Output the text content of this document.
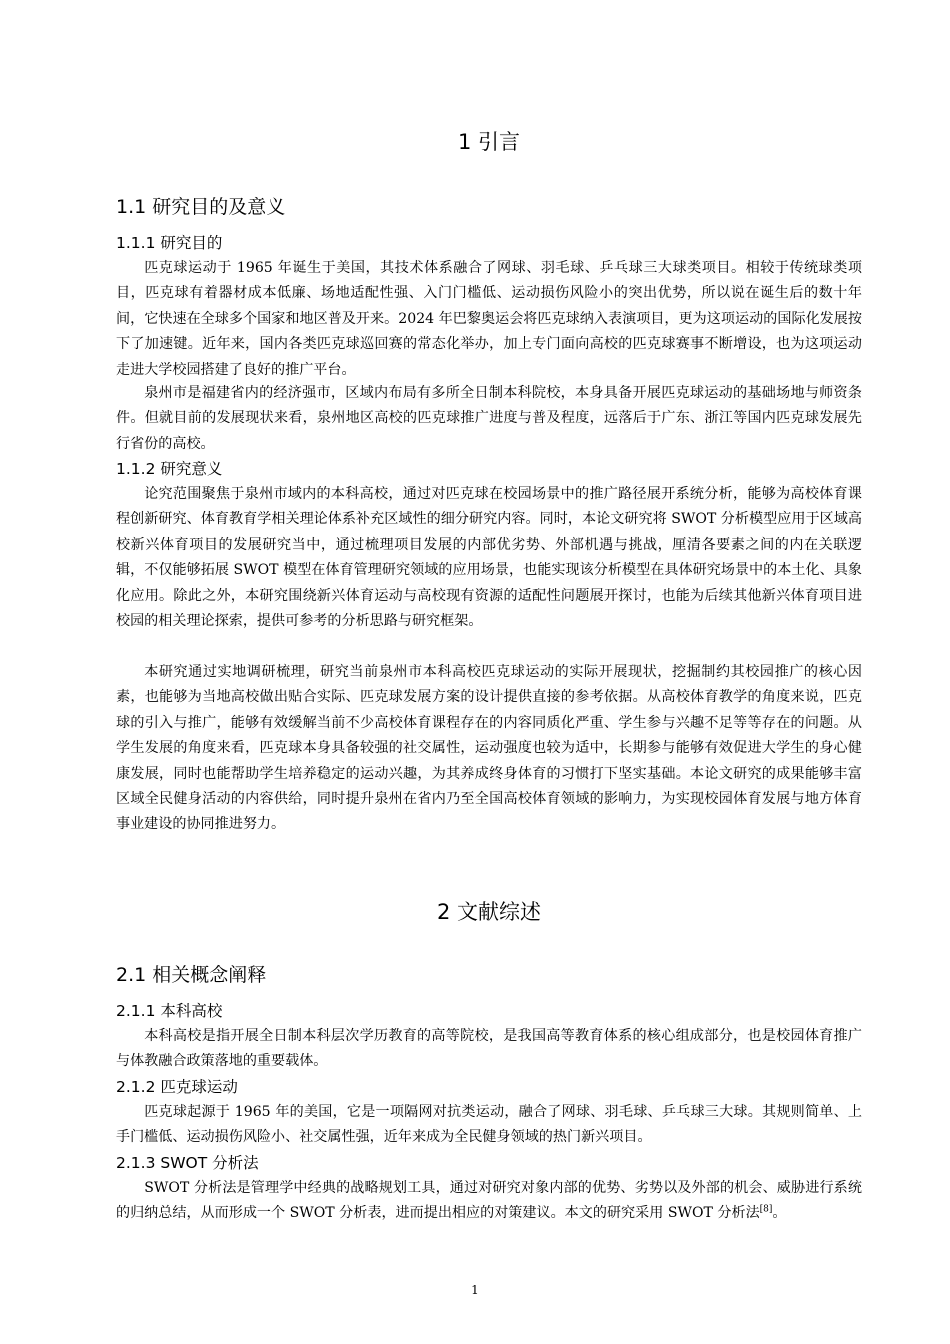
1 引言
1.1 研究目的及意义
1.1.1 研究目的

匹克球运动于 1965 年诞生于美国，其技术体系融合了网球、羽毛球、乒乓球三大球类项目。相较于传统球类项目，匹克球有着器材成本低廉、场地适配性强、入门门槛低、运动损伤风险小的突出优势，所以说在诞生后的数十年间，它快速在全球多个国家和地区普及开来。2024 年巴黎奥运会将匹克球纳入表演项目，更为这项运动的国际化发展按下了加速键。近年来，国内各类匹克球巡回赛的常态化举办，加上专门面向高校的匹克球赛事不断增设，也为这项运动走进大学校园搭建了良好的推广平台。

泉州市是福建省内的经济强市，区域内布局有多所全日制本科院校，本身具备开展匹克球运动的基础场地与师资条件。但就目前的发展现状来看，泉州地区高校的匹克球推广进度与普及程度，远落后于广东、浙江等国内匹克球发展先行省份的高校。

1.1.2 研究意义

论究范围聚焦于泉州市域内的本科高校，通过对匹克球在校园场景中的推广路径展开系统分析，能够为高校体育课程创新研究、体育教育学相关理论体系补充区域性的细分研究内容。同时，本论文研究将 SWOT 分析模型应用于区域高校新兴体育项目的发展研究当中，通过梳理项目发展的内部优劣势、外部机遇与挑战，厘清各要素之间的内在关联逻辑，不仅能够拓展 SWOT 模型在体育管理研究领域的应用场景，也能实现该分析模型在具体研究场景中的本土化、具象化应用。除此之外，本研究围绕新兴体育运动与高校现有资源的适配性问题展开探讨，也能为后续其他新兴体育项目进校园的相关理论探索，提供可参考的分析思路与研究框架。

本研究通过实地调研梳理，研究当前泉州市本科高校匹克球运动的实际开展现状，挖掘制约其校园推广的核心因素，也能够为当地高校做出贴合实际、匹克球发展方案的设计提供直接的参考依据。从高校体育教学的角度来说，匹克球的引入与推广，能够有效缓解当前不少高校体育课程存在的内容同质化严重、学生参与兴趣不足等等存在的问题。从学生发展的角度来看，匹克球本身具备较强的社交属性，运动强度也较为适中，长期参与能够有效促进大学生的身心健康发展，同时也能帮助学生培养稳定的运动兴趣，为其养成终身体育的习惯打下坚实基础。本论文研究的成果能够丰富区域全民健身活动的内容供给，同时提升泉州在省内乃至全国高校体育领域的影响力，为实现校园体育发展与地方体育事业建设的协同推进努力。

2 文献综述
2.1 相关概念阐释
2.1.1 本科高校

本科高校是指开展全日制本科层次学历教育的高等院校，是我国高等教育体系的核心组成部分，也是校园体育推广与体教融合政策落地的重要载体。

2.1.2 匹克球运动

匹克球起源于 1965 年的美国，它是一项隔网对抗类运动，融合了网球、羽毛球、乒乓球三大球。其规则简单、上手门槛低、运动损伤风险小、社交属性强，近年来成为全民健身领域的热门新兴项目。

2.1.3 SWOT 分析法

SWOT 分析法是管理学中经典的战略规划工具，通过对研究对象内部的优势、劣势以及外部的机会、威胁进行系统的归纳总结，从而形成一个 SWOT 分析表，进而提出相应的对策建议。本文的研究采用 SWOT 分析法[8]。

1
